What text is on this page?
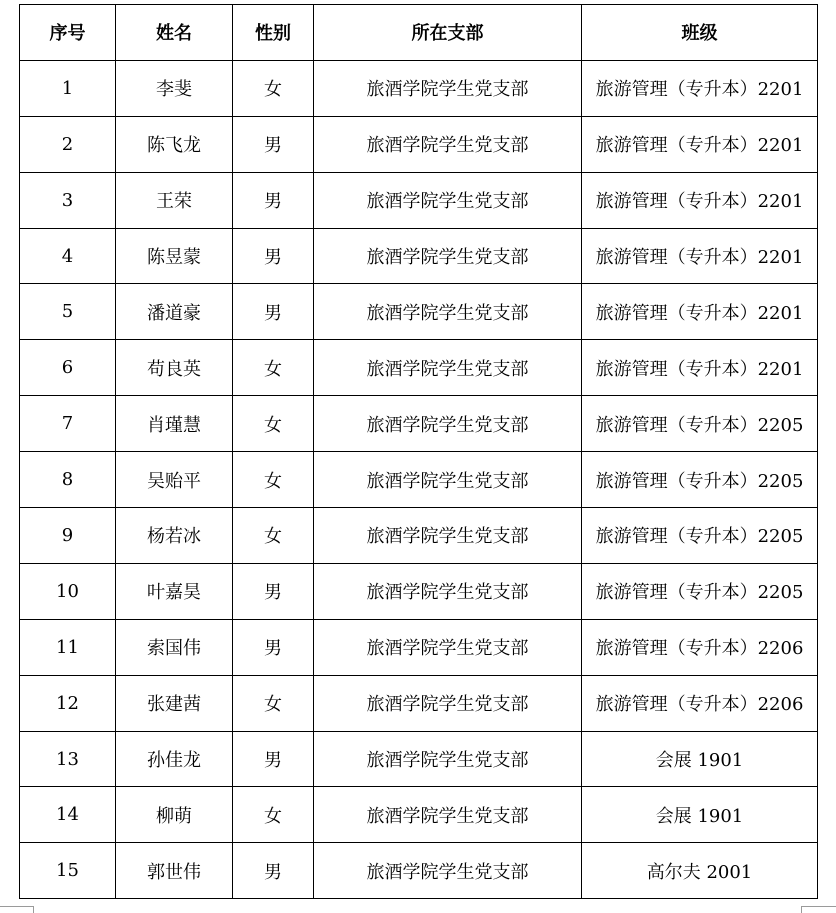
序号	姓名	性别	所在支部	班级
1	李斐	女	旅酒学院学生党支部	旅游管理（专升本）2201
2	陈飞龙	男	旅酒学院学生党支部	旅游管理（专升本）2201
3	王荣	男	旅酒学院学生党支部	旅游管理（专升本）2201
4	陈昱蒙	男	旅酒学院学生党支部	旅游管理（专升本）2201
5	潘道豪	男	旅酒学院学生党支部	旅游管理（专升本）2201
6	苟良英	女	旅酒学院学生党支部	旅游管理（专升本）2201
7	肖瑾慧	女	旅酒学院学生党支部	旅游管理（专升本）2205
8	吴贻平	女	旅酒学院学生党支部	旅游管理（专升本）2205
9	杨若冰	女	旅酒学院学生党支部	旅游管理（专升本）2205
10	叶嘉昊	男	旅酒学院学生党支部	旅游管理（专升本）2205
11	索国伟	男	旅酒学院学生党支部	旅游管理（专升本）2206
12	张建茜	女	旅酒学院学生党支部	旅游管理（专升本）2206
13	孙佳龙	男	旅酒学院学生党支部	会展 1901
14	柳萌	女	旅酒学院学生党支部	会展 1901
15	郭世伟	男	旅酒学院学生党支部	高尔夫 2001
